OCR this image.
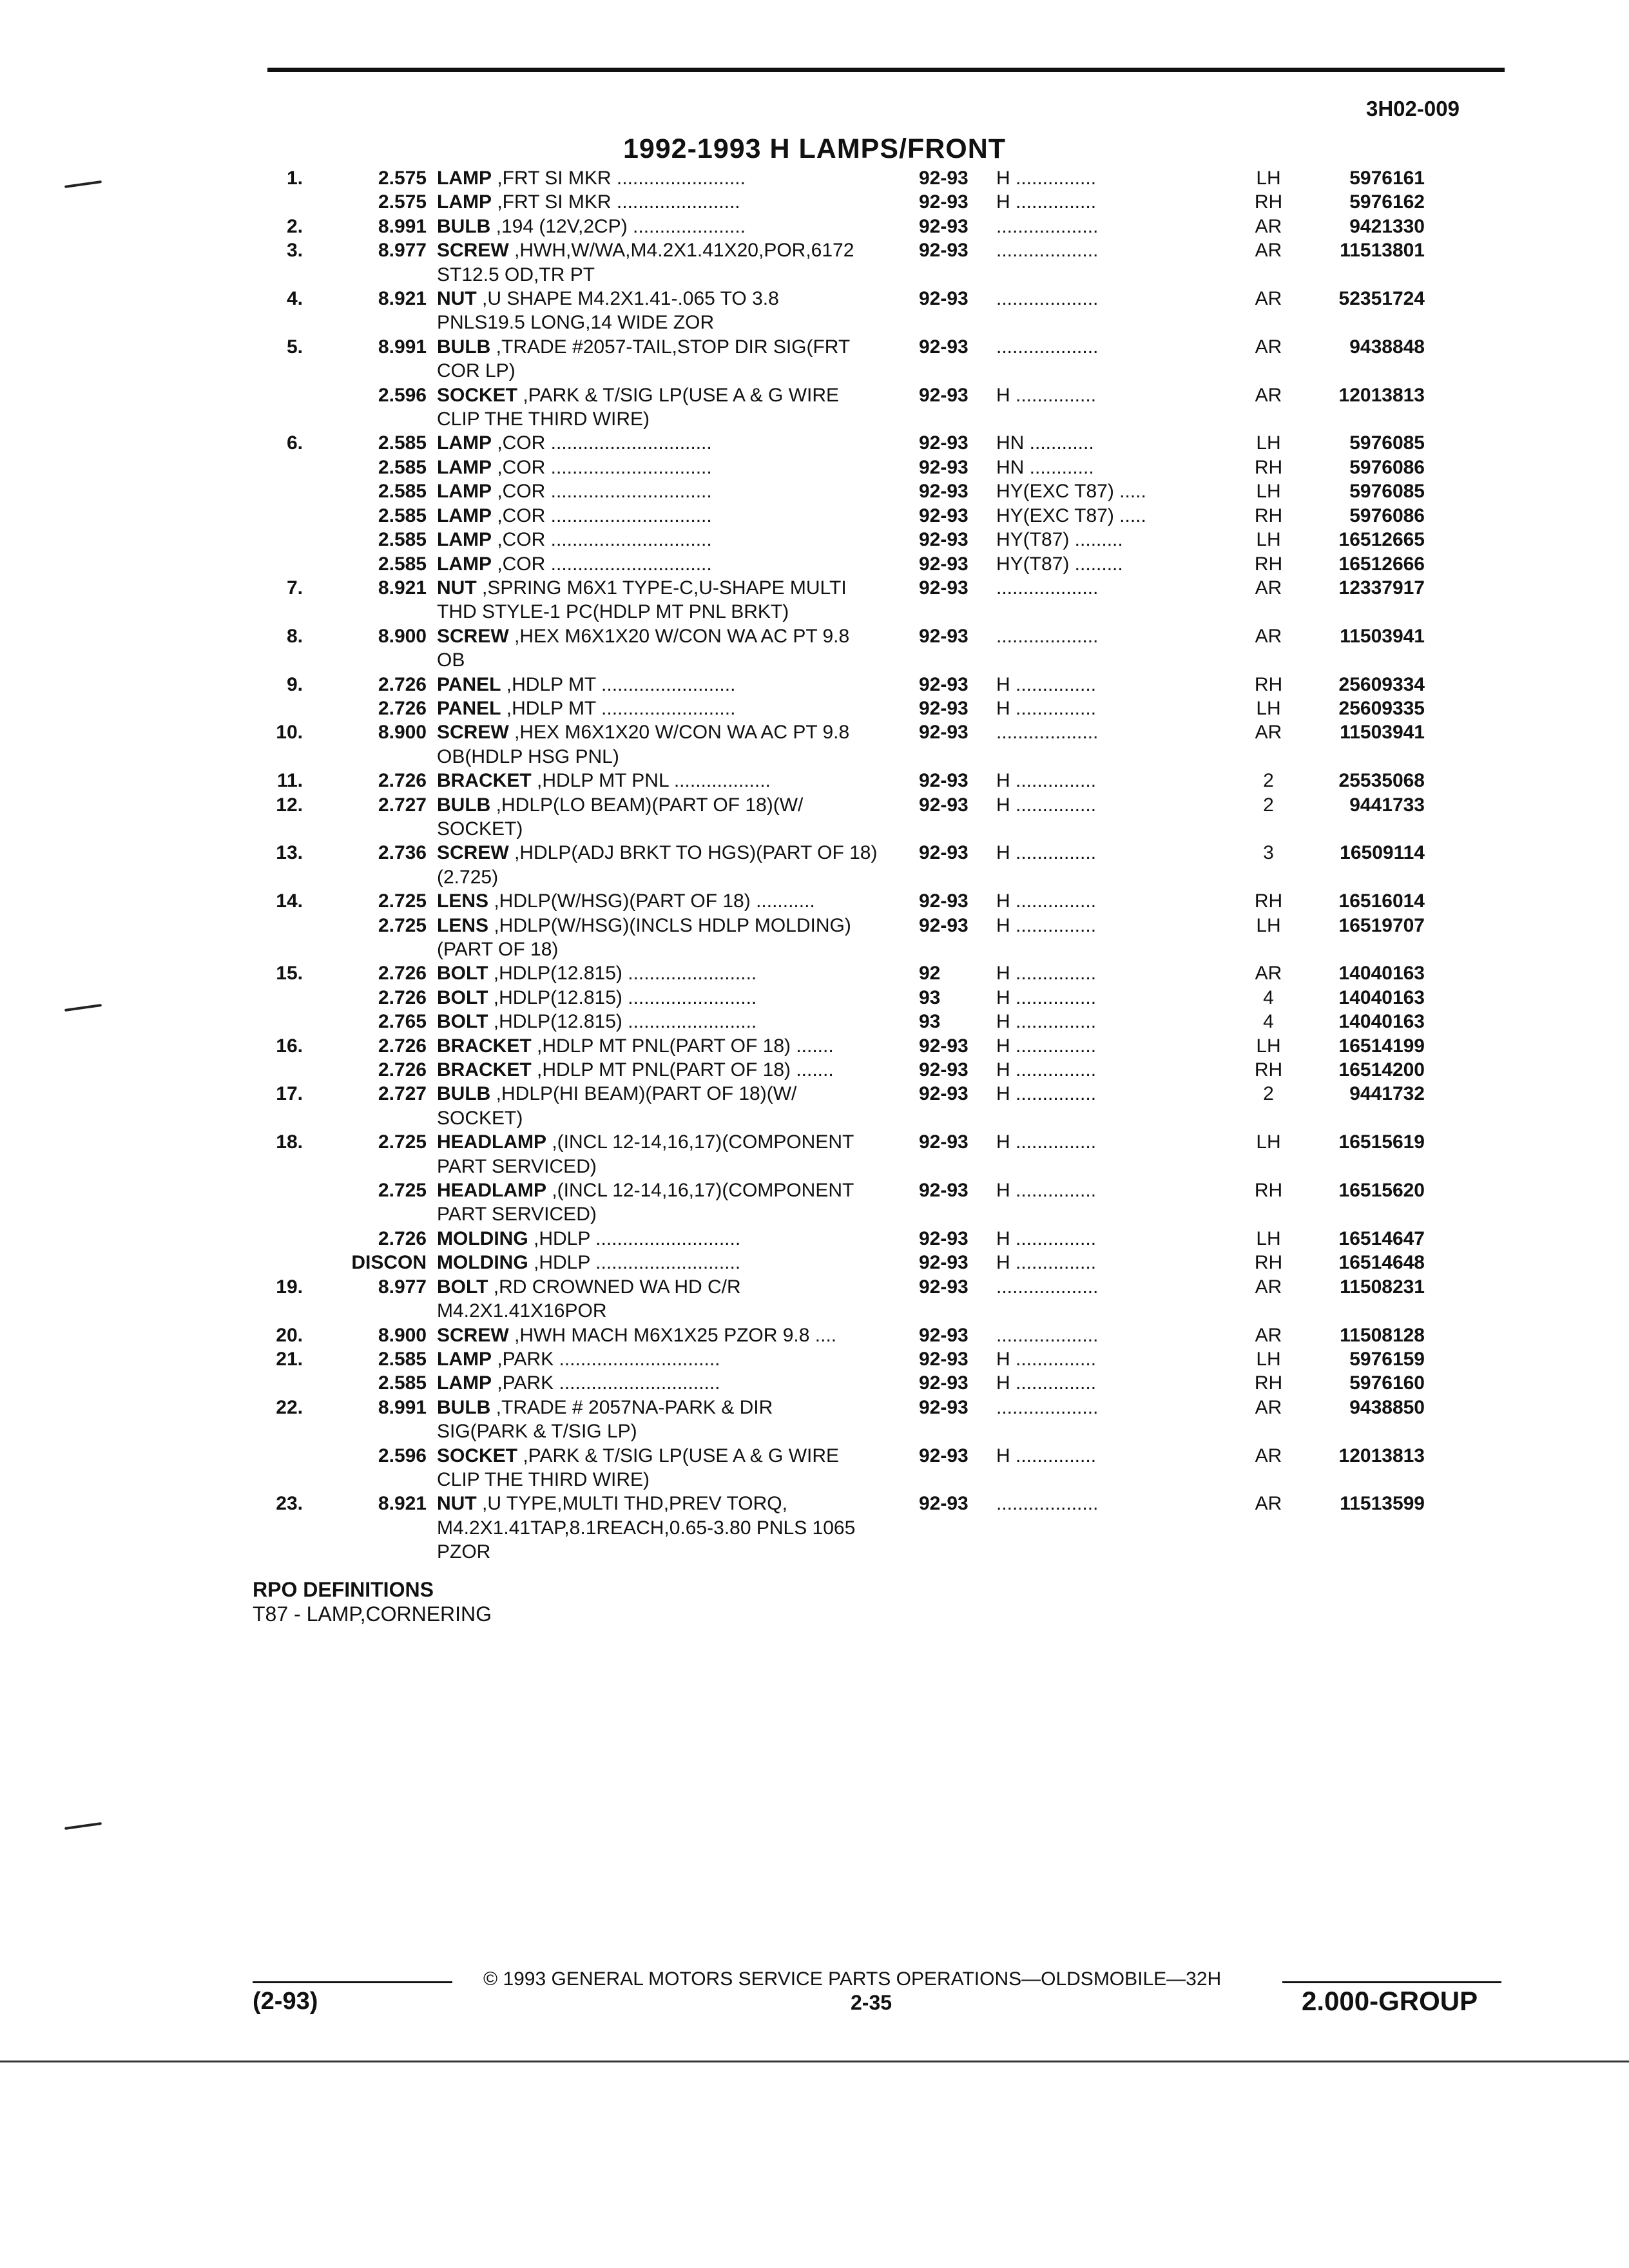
3H02-009
1992-1993 H LAMPS/FRONT
1.	2.575 LAMP ,FRT SI MKR ........................	92-93	H ...............	LH	5976161
2.575 LAMP ,FRT SI MKR .......................	92-93	H ...............	RH	5976162
2.	8.991 BULB ,194 (12V,2CP) .....................	92-93	...................	AR	9421330
3.	8.977 SCREW ,HWH,W/WA,M4.2X1.41X20,POR,6172
ST12.5 OD,TR PT
92-93	...................	AR	11513801
4.	8.921 NUT ,U SHAPE M4.2X1.41-.065 TO 3.8
PNLS19.5 LONG,14 WIDE ZOR
92-93	...................	AR	52351724
5.	8.991 BULB ,TRADE #2057-TAIL,STOP DIR SIG(FRT
COR LP)
92-93	...................	AR	9438848
2.596 SOCKET ,PARK & T/SIG LP(USE A & G WIRE
CLIP THE THIRD WIRE)
92-93	H ...............	AR	12013813
6.	2.585 LAMP ,COR ..............................	92-93	HN ............	LH	5976085
2.585 LAMP ,COR ..............................	92-93	HN ............	RH	5976086
2.585 LAMP ,COR ..............................	92-93	HY(EXC T87) .....	LH	5976085
2.585 LAMP ,COR ..............................	92-93	HY(EXC T87) .....	RH	5976086
2.585 LAMP ,COR ..............................	92-93	HY(T87) .........	LH	16512665
2.585 LAMP ,COR ..............................	92-93	HY(T87) .........	RH	16512666
7.	8.921 NUT ,SPRING M6X1 TYPE-C,U-SHAPE MULTI
THD STYLE-1 PC(HDLP MT PNL BRKT)
92-93	...................	AR	12337917
8.	8.900 SCREW ,HEX M6X1X20 W/CON WA AC PT 9.8
OB
92-93	...................	AR	11503941
9.	2.726 PANEL ,HDLP MT .........................	92-93	H ...............	RH	25609334
2.726 PANEL ,HDLP MT .........................	92-93	H ...............	LH	25609335
10.	8.900 SCREW ,HEX M6X1X20 W/CON WA AC PT 9.8
OB(HDLP HSG PNL)
92-93	...................	AR	11503941
11.	2.726 BRACKET ,HDLP MT PNL ..................	92-93	H ...............	2	25535068
12.	2.727 BULB ,HDLP(LO BEAM)(PART OF 18)(W/
SOCKET)
92-93	H ...............	2	9441733
13.	2.736 SCREW ,HDLP(ADJ BRKT TO HGS)(PART OF 18)
(2.725)
92-93	H ...............	3	16509114
14.	2.725 LENS ,HDLP(W/HSG)(PART OF 18) ...........	92-93	H ...............	RH	16516014
2.725 LENS ,HDLP(W/HSG)(INCLS HDLP MOLDING)
(PART OF 18)
92-93	H ...............	LH	16519707
15.	2.726 BOLT ,HDLP(12.815) ........................	92	H ...............	AR	14040163
2.726 BOLT ,HDLP(12.815) ........................	93	H ...............	4	14040163
2.765 BOLT ,HDLP(12.815) ........................	93	H ...............	4	14040163
16.	2.726 BRACKET ,HDLP MT PNL(PART OF 18) .......	92-93	H ...............	LH	16514199
2.726 BRACKET ,HDLP MT PNL(PART OF 18) .......	92-93	H ...............	RH	16514200
17.	2.727 BULB ,HDLP(HI BEAM)(PART OF 18)(W/
SOCKET)
92-93	H ...............	2	9441732
18.	2.725 HEADLAMP ,(INCL 12-14,16,17)(COMPONENT
PART SERVICED)
92-93	H ...............	LH	16515619
2.725 HEADLAMP ,(INCL 12-14,16,17)(COMPONENT
PART SERVICED)
92-93	H ...............	RH	16515620
2.726 MOLDING ,HDLP ...........................	92-93	H ...............	LH	16514647
DISCON MOLDING ,HDLP ...........................	92-93	H ...............	RH	16514648
19.	8.977 BOLT ,RD CROWNED WA HD C/R
M4.2X1.41X16POR
92-93	...................	AR	11508231
20.	8.900 SCREW ,HWH MACH M6X1X25 PZOR 9.8 ....	92-93	...................	AR	11508128
21.	2.585 LAMP ,PARK ..............................	92-93	H ...............	LH	5976159
2.585 LAMP ,PARK ..............................	92-93	H ...............	RH	5976160
22.	8.991 BULB ,TRADE # 2057NA-PARK & DIR
SIG(PARK & T/SIG LP)
92-93	...................	AR	9438850
2.596 SOCKET ,PARK & T/SIG LP(USE A & G WIRE
CLIP THE THIRD WIRE)
92-93	H ...............	AR	12013813
23.	8.921 NUT ,U TYPE,MULTI THD,PREV TORQ,
M4.2X1.41TAP,8.1REACH,0.65-3.80 PNLS 1065
PZOR
92-93	...................	AR	11513599
RPO DEFINITIONS
T87 - LAMP,CORNERING
(2-93)
© 1993 GENERAL MOTORS SERVICE PARTS OPERATIONS—OLDSMOBILE—32H
2-35	2.000-GROUP
